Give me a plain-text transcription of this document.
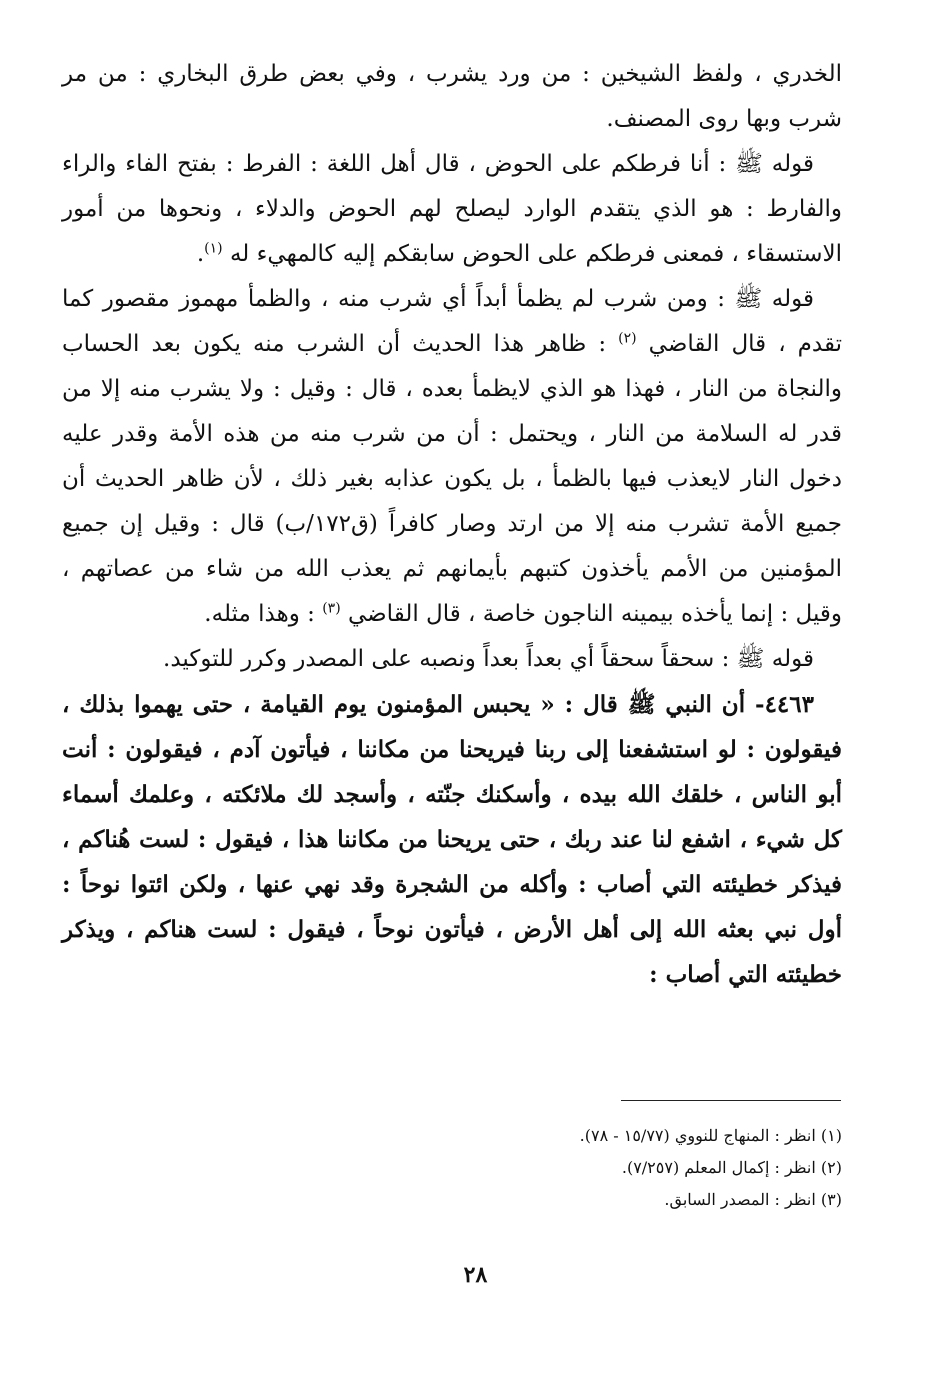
الخدري ، ولفظ الشيخين : من ورد يشرب ، وفي بعض طرق البخاري : من مر شرب وبها روى المصنف.

قوله ﷺ : أنا فرطكم على الحوض ، قال أهل اللغة : الفرط : بفتح الفاء والراء والفارط : هو الذي يتقدم الوارد ليصلح لهم الحوض والدلاء ، ونحوها من أمور الاستسقاء ، فمعنى فرطكم على الحوض سابقكم إليه كالمهيء له $^{(١)}$.

قوله ﷺ : ومن شرب لم يظمأ أبداً أي شرب منه ، والظمأ مهموز مقصور كما تقدم ، قال القاضي $^{(٢)}$ : ظاهر هذا الحديث أن الشرب منه يكون بعد الحساب والنجاة من النار ، فهذا هو الذي لايظمأ بعده ، قال : وقيل : ولا يشرب منه إلا من قدر له السلامة من النار ، ويحتمل : أن من شرب منه من هذه الأمة وقدر عليه دخول النار لايعذب فيها بالظمأ ، بل يكون عذابه بغير ذلك ، لأن ظاهر الحديث أن جميع الأمة تشرب منه إلا من ارتد وصار كافراً (ق١٧٢/ب) قال : وقيل إن جميع المؤمنين من الأمم يأخذون كتبهم بأيمانهم ثم يعذب الله من شاء من عصاتهم ، وقيل : إنما يأخذه بيمينه الناجون خاصة ، قال القاضي $^{(٣)}$ : وهذا مثله.

قوله ﷺ : سحقاً سحقاً أي بعداً بعداً ونصبه على المصدر وكرر للتوكيد.

٤٤٦٣- أن النبي ﷺ قال : « يحبس المؤمنون يوم القيامة ، حتى يهموا بذلك ، فيقولون : لو استشفعنا إلى ربنا فيريحنا من مكاننا ، فيأتون آدم ، فيقولون : أنت أبو الناس ، خلقك الله بيده ، وأسكنك جنّته ، وأسجد لك ملائكته ، وعلمك أسماء كل شيء ، اشفع لنا عند ربك ، حتى يريحنا من مكاننا هذا ، فيقول : لست هُناكم ، فيذكر خطيئته التي أصاب : وأكله من الشجرة وقد نهي عنها ، ولكن ائتوا نوحاً : أول نبي بعثه الله إلى أهل الأرض ، فيأتون نوحاً ، فيقول : لست هناكم ، ويذكر خطيئته التي أصاب :

(١) انظر : المنهاج للنووي (١٥/٧٧ - ٧٨).

(٢) انظر : إكمال المعلم (٧/٢٥٧).

(٣) انظر : المصدر السابق.

٢٨
